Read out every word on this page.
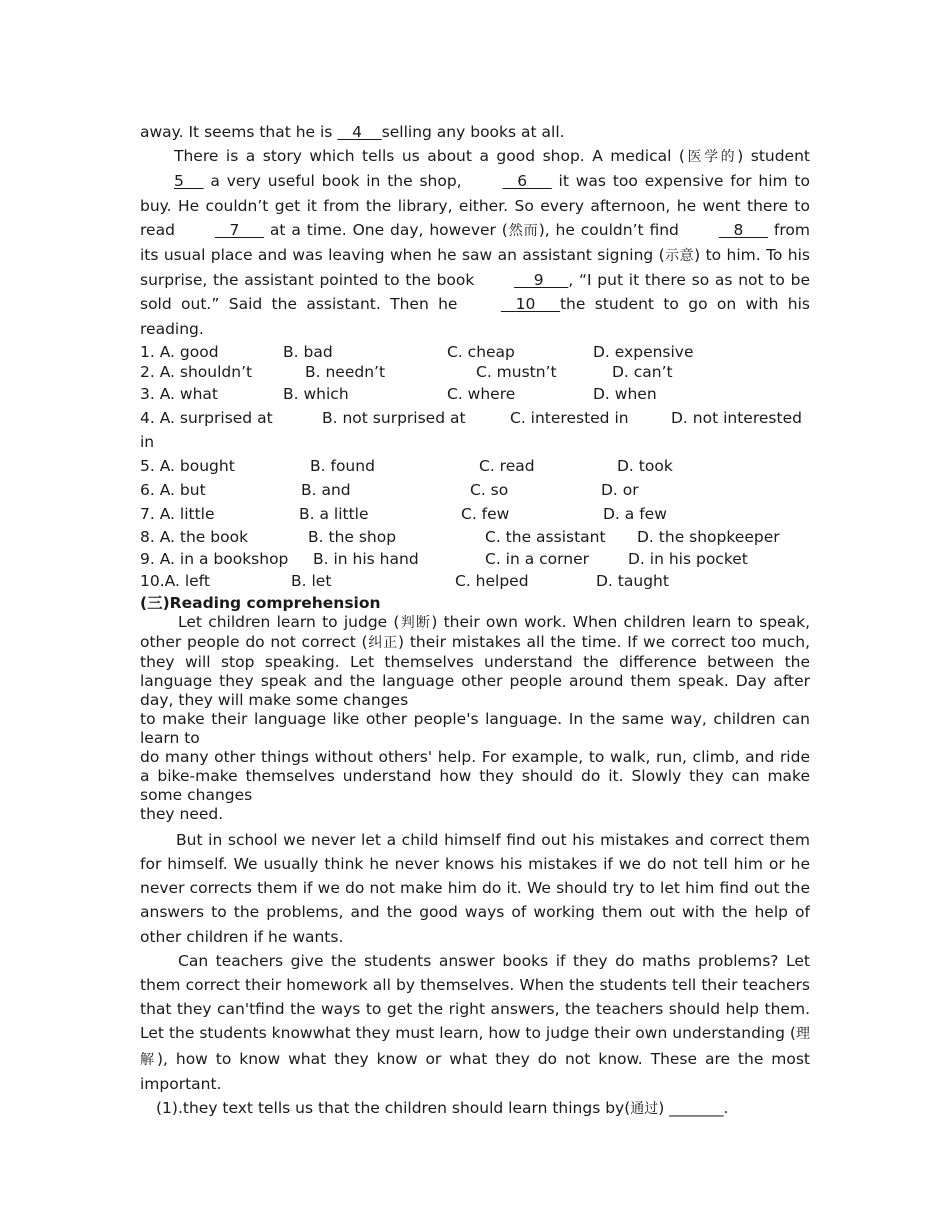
away. It seems that he is    4    selling any books at all.

There is a story which tells us about a good shop. A medical (医学的) student 5     a very useful book in the shop,    6      it was too expensive for him to buy. He couldn’t get it from the library, either. So every afternoon, he went there to read    7      at a time. One day, however (然而), he couldn’t find    8      from its usual place and was leaving when he saw an assistant signing (示意) to him. To his surprise, the assistant pointed to the book     9     , “I put it there so as not to be sold out.” Said the assistant. Then he    10     the student to go on with his reading.

1. A. good	B. bad	C. cheap	D. expensive
2. A. shouldn’t	B. needn’t	C. mustn’t	D. can’t
3. A. what	B. which	C. where	D. when
4. A. surprised at	B. not surprised at	C. interested in	D. not interested
in
5. A. bought	B. found	C. read	D. took
6. A. but	B. and	C. so	D. or
7. A. little	B. a little	C. few	D. a few
8. A. the book	B. the shop	C. the assistant D. the shopkeeper
9. A. in a bookshop B. in his hand	C. in a corner	D. in his pocket
10.A. left	B. let	C. helped	D. taught
(三)Reading comprehension

Let children learn to judge (判断) their own work. When children learn to speak, other people do not correct (纠正) their mistakes all the time. If we correct too much, they will stop speaking. Let themselves understand the difference between the language they speak and the language other people around them speak. Day after day, they will make some changes

to make their language like other people's language. In the same way, children can learn to

do many other things without others' help. For example, to walk, run, climb, and ride a bike-make themselves understand how they should do it. Slowly they can make some changes

they need.

But in school we never let a child himself find out his mistakes and correct them for himself. We usually think he never knows his mistakes if we do not tell him or he never corrects them if we do not make him do it. We should try to let him find out the answers to the problems, and the good ways of working them out with the help of other children if he wants.

Can teachers give the students answer books if they do maths problems? Let them correct their homework all by themselves. When the students tell their teachers that they can'tfind the ways to get the right answers, the teachers should help them. Let the students knowwhat they must learn, how to judge their own understanding (理解), how to know what they know or what they do not know. These are the most important.

(1).they text tells us that the children should learn things by(通过) _______.
